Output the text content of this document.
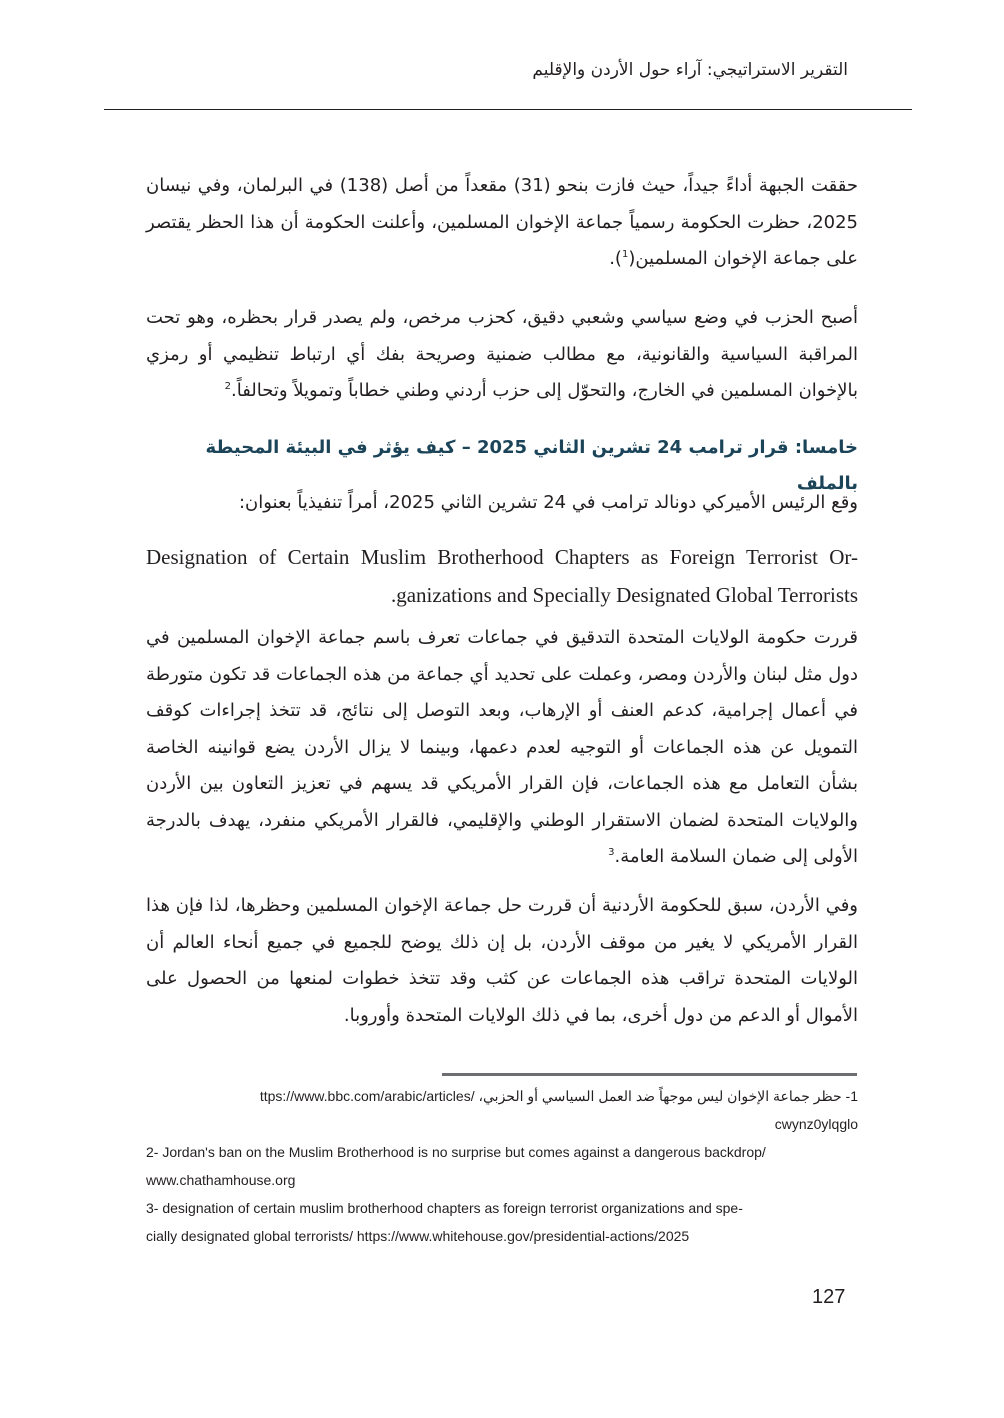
التقرير الاستراتيجي: آراء حول الأردن والإقليم

حققت الجبهة أداءً جيداً، حيث فازت بنحو (31) مقعداً من أصل (138) في البرلمان، وفي نيسان 2025، حظرت الحكومة رسمياً جماعة الإخوان المسلمين، وأعلنت الحكومة أن هذا الحظر يقتصر على جماعة الإخوان المسلمين($^1$).

أصبح الحزب في وضع سياسي وشعبي دقيق، كحزب مرخص، ولم يصدر قرار بحظره، وهو تحت المراقبة السياسية والقانونية، مع مطالب ضمنية وصريحة بفك أي ارتباط تنظيمي أو رمزي بالإخوان المسلمين في الخارج، والتحوّل إلى حزب أردني وطني خطاباً وتمويلاً وتحالفاً.$^2$

خامسا: قرار ترامب 24 تشرين الثاني 2025 – كيف يؤثر في البيئة المحيطة بالملف

وقع الرئيس الأميركي دونالد ترامب في 24 تشرين الثاني 2025، أمراً تنفيذياً بعنوان:

Designation of Certain Muslim Brotherhood Chapters as Foreign Terrorist Or-
.ganizations and Specially Designated Global Terrorists

قررت حكومة الولايات المتحدة التدقيق في جماعات تعرف باسم جماعة الإخوان المسلمين في دول مثل لبنان والأردن ومصر، وعملت على تحديد أي جماعة من هذه الجماعات قد تكون متورطة في أعمال إجرامية، كدعم العنف أو الإرهاب، وبعد التوصل إلى نتائج، قد تتخذ إجراءات كوقف التمويل عن هذه الجماعات أو التوجيه لعدم دعمها، وبينما لا يزال الأردن يضع قوانينه الخاصة بشأن التعامل مع هذه الجماعات، فإن القرار الأمريكي قد يسهم في تعزيز التعاون بين الأردن والولايات المتحدة لضمان الاستقرار الوطني والإقليمي، فالقرار الأمريكي منفرد، يهدف بالدرجة الأولى إلى ضمان السلامة العامة.$^3$

وفي الأردن، سبق للحكومة الأردنية أن قررت حل جماعة الإخوان المسلمين وحظرها، لذا فإن هذا القرار الأمريكي لا يغير من موقف الأردن، بل إن ذلك يوضح للجميع في جميع أنحاء العالم أن الولايات المتحدة تراقب هذه الجماعات عن كثب وقد تتخذ خطوات لمنعها من الحصول على الأموال أو الدعم من دول أخرى، بما في ذلك الولايات المتحدة وأوروبا.

1- حظر جماعة الإخوان ليس موجهاً ضد العمل السياسي أو الحزبي، ttps://www.bbc.com/arabic/articles/
cwynz0ylqglo
2- Jordan's ban on the Muslim Brotherhood is no surprise but comes against a dangerous backdrop/
www.chathamhouse.org
3- designation of certain muslim brotherhood chapters as foreign terrorist organizations and spe-
cially designated global terrorists/ https://www.whitehouse.gov/presidential-actions/2025
127
